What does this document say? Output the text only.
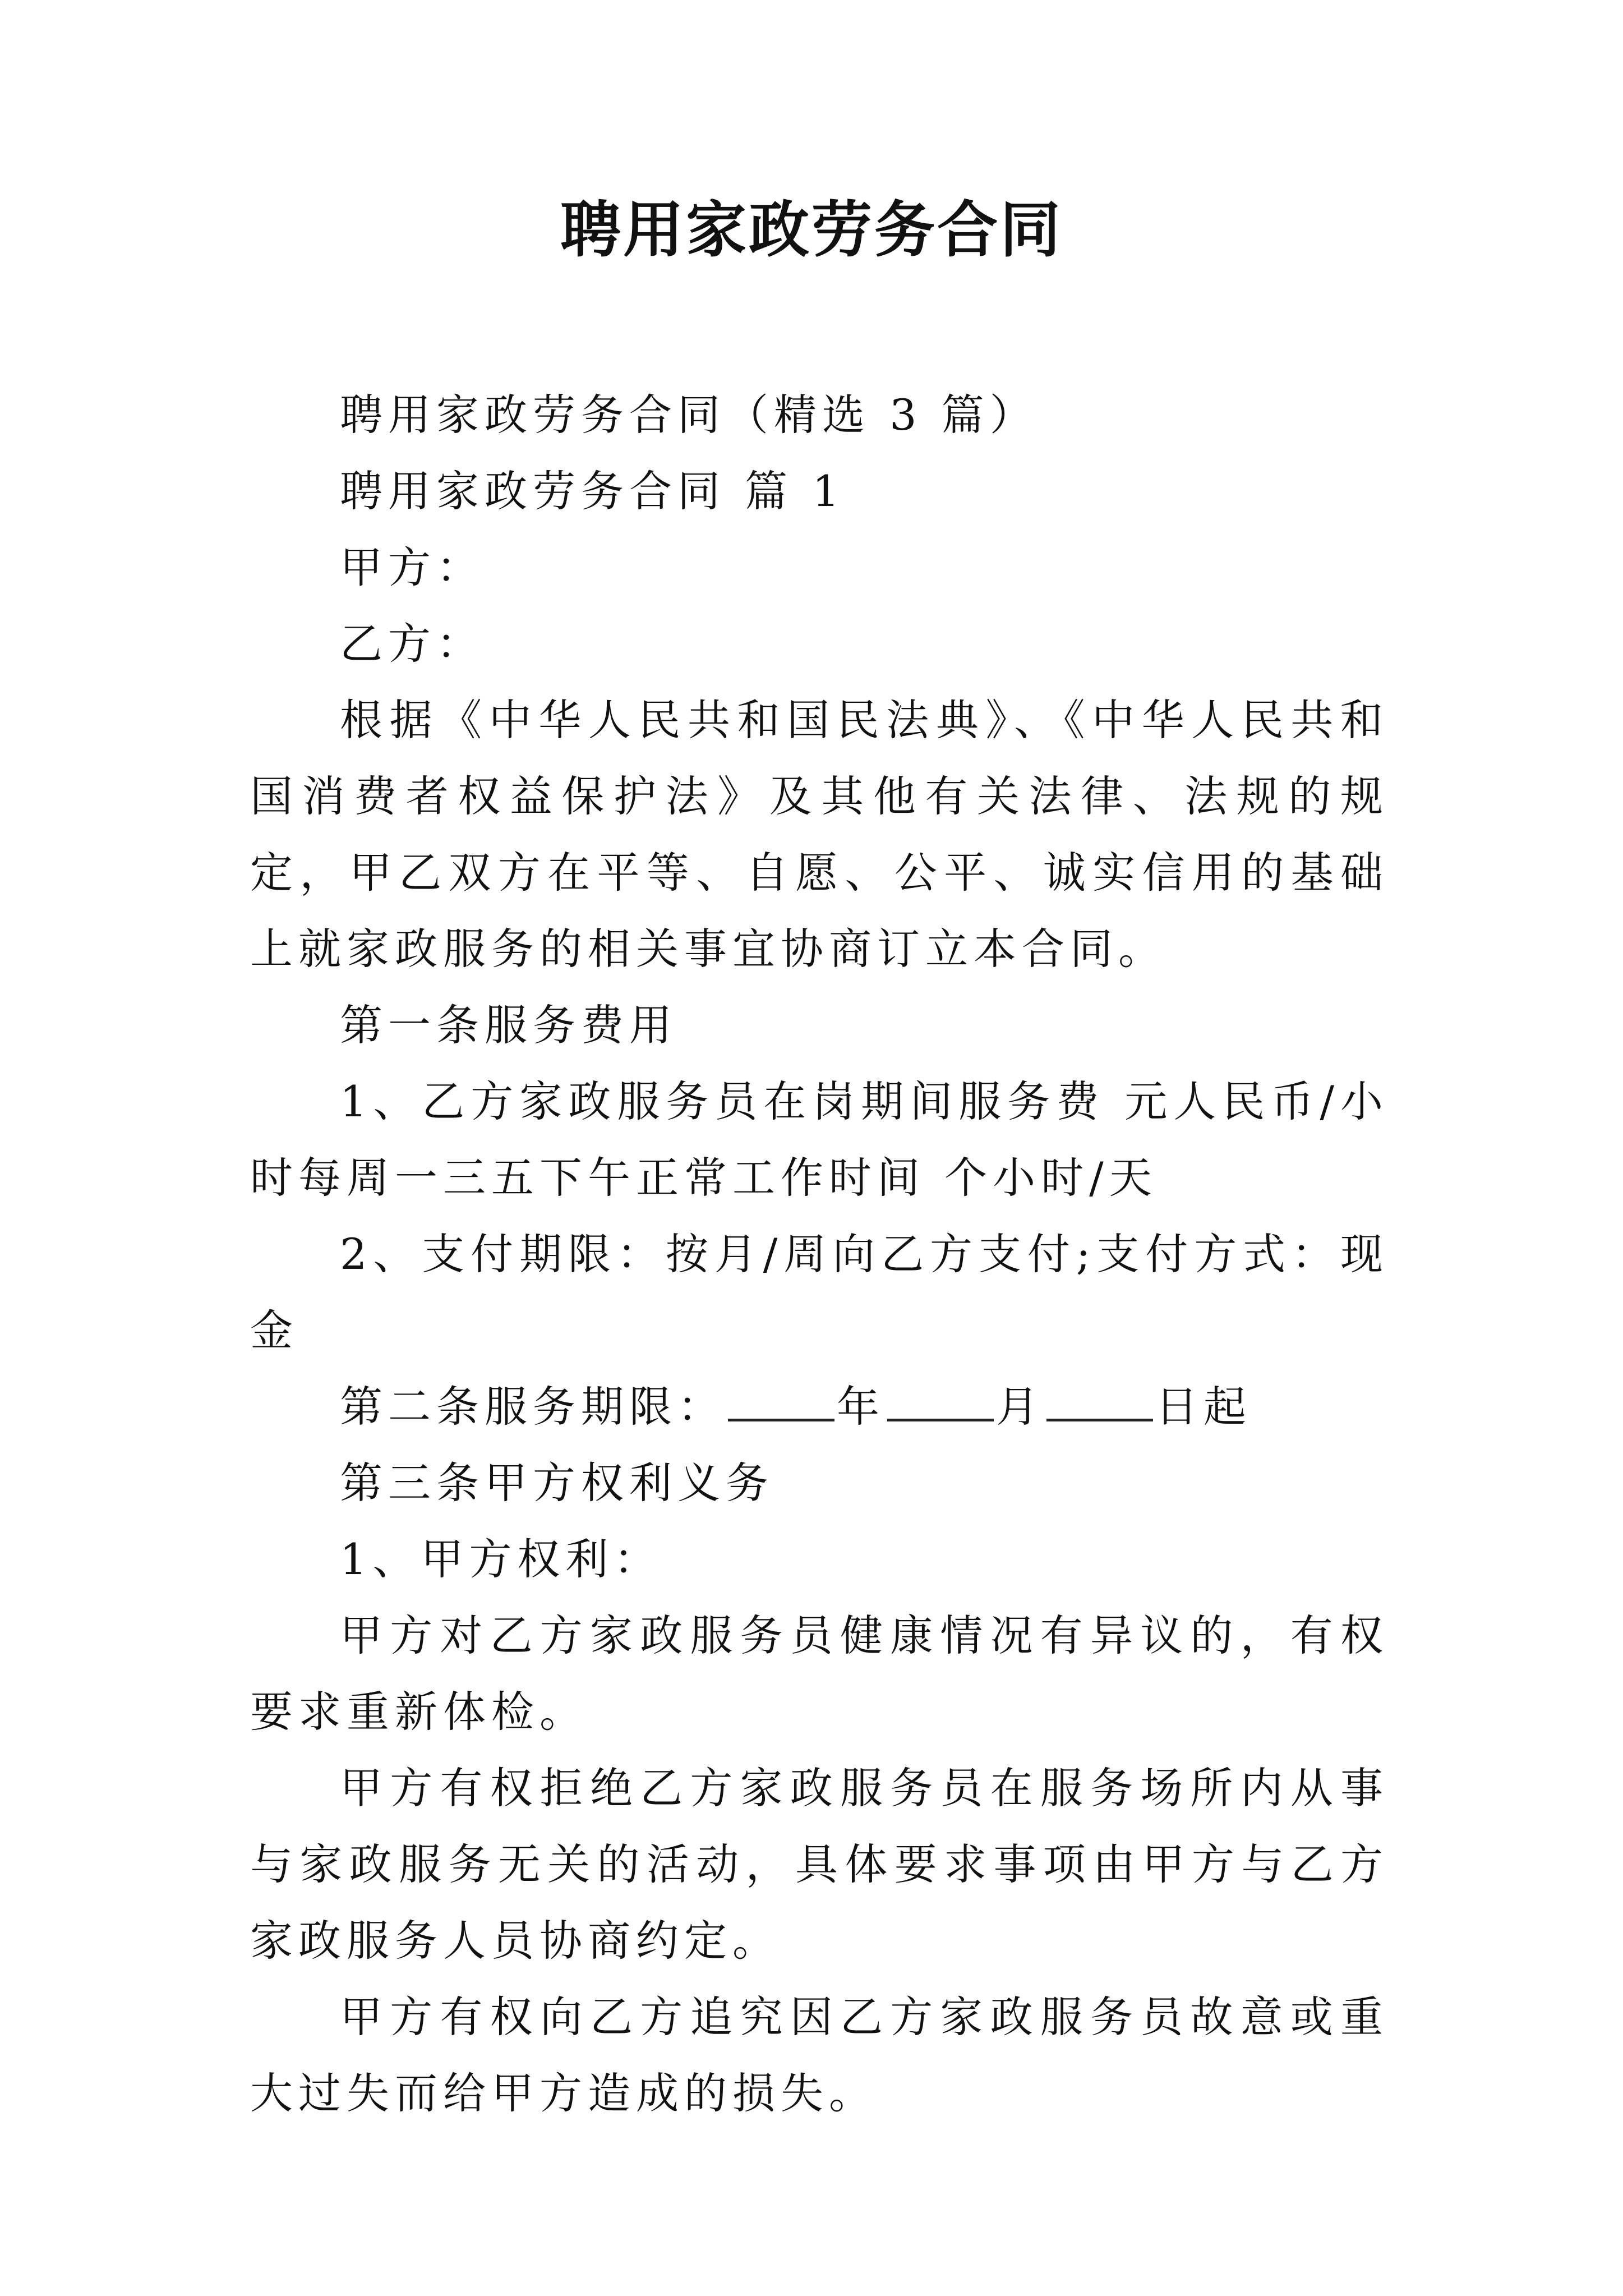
聘用家政劳务合同

聘用家政劳务合同（精选 3 篇）

聘用家政劳务合同 篇 1

甲方：

乙方：

根据《中华人民共和国民法典》、《中华人民共和国消费者权益保护法》及其他有关法律、法规的规定，甲乙双方在平等、自愿、公平、诚实信用的基础上就家政服务的相关事宜协商订立本合同。

第一条服务费用

1、乙方家政服务员在岗期间服务费 元人民币/小时每周一三五下午正常工作时间 个小时/天

2、支付期限：按月/周向乙方支付;支付方式：现金

第二条服务期限：	年	月	日起

第三条甲方权利义务

1、甲方权利：

甲方对乙方家政服务员健康情况有异议的，有权要求重新体检。

甲方有权拒绝乙方家政服务员在服务场所内从事与家政服务无关的活动，具体要求事项由甲方与乙方家政服务人员协商约定。

甲方有权向乙方追究因乙方家政服务员故意或重大过失而给甲方造成的损失。
